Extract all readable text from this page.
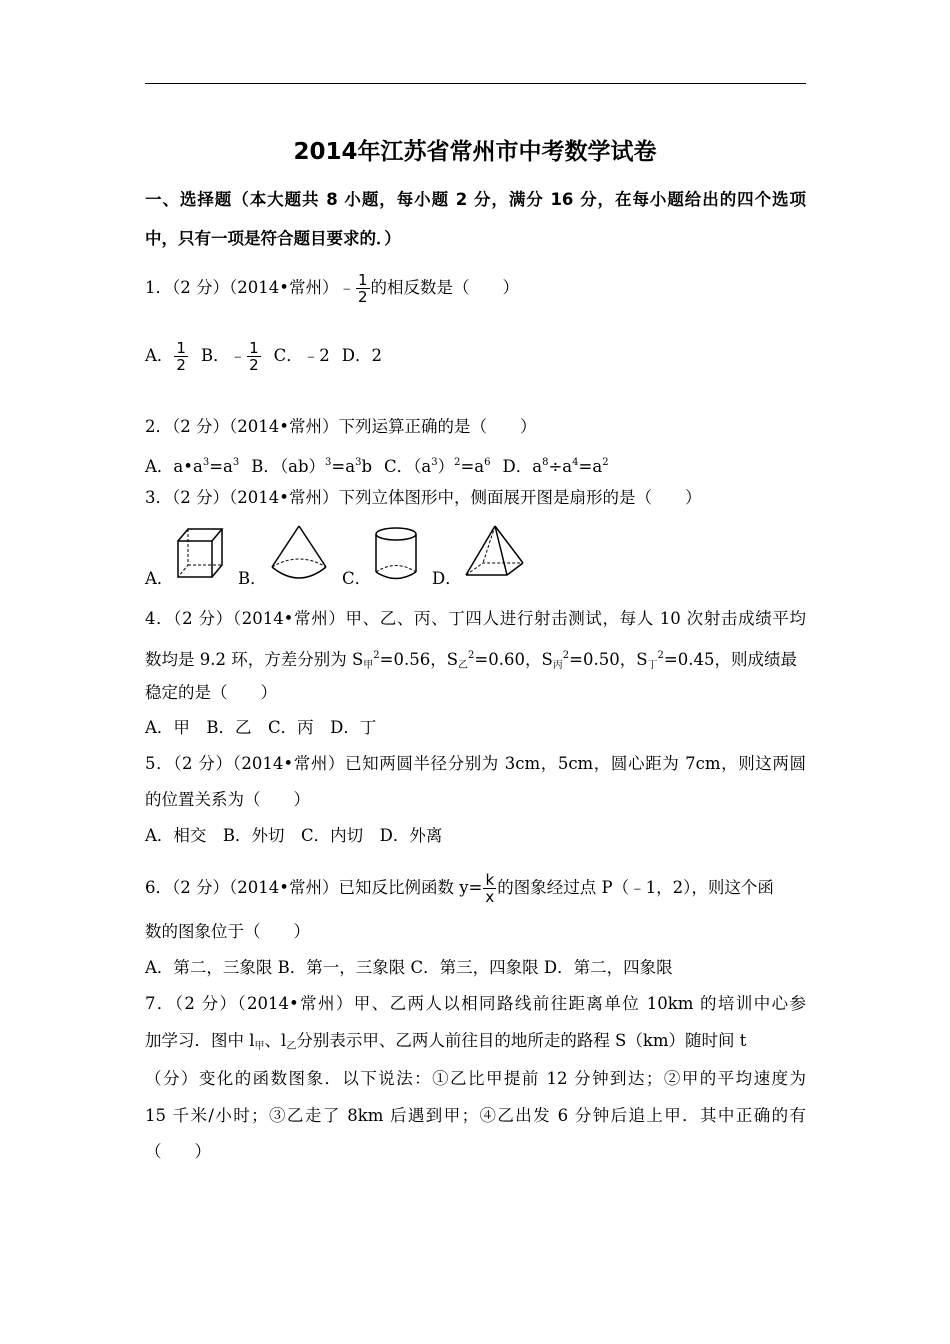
2014年江苏省常州市中考数学试卷
一、选择题（本大题共 8 小题，每小题 2 分，满分 16 分，在每小题给出的四个选项
中，只有一项是符合题目要求的．）
1．（2 分）（2014•常州）﹣ $\frac{1}{2}$ 的相反数是（　　）
A． $\frac{1}{2}$ B．﹣ $\frac{1}{2}$ C．﹣2 D．2
2．（2 分）（2014•常州）下列运算正确的是（　　）
A．$a•a^3=a^3$ B．$(ab)^3=a^3b$ C．$(a^3)^2=a^6$ D．$a^8\div a^4=a^2$
3．（2 分）（2014•常州）下列立体图形中，侧面展开图是扇形的是（　　）
A．	B．	C．	D．
4．（2 分）（2014•常州）甲、乙、丙、丁四人进行射击测试，每人 10 次射击成绩平均
数均是 9.2 环，方差分别为 $S_甲^2=0.56$，$S_乙^2=0.60$，$S_丙^2=0.50$，$S_丁^2=0.45$，则成绩最
稳定的是（　　）
A．甲　B．乙　C．丙　D．丁
5．（2 分）（2014•常州）已知两圆半径分别为 3cm，5cm，圆心距为 7cm，则这两圆
的位置关系为（　　）
A．相交　B．外切　C．内切　D．外离
6．（2 分）（2014•常州）已知反比例函数 $y= \frac{k}{x}$ 的图象经过点 P（﹣1，2），则这个函
数的图象位于（　　）
A．第二，三象限 B．第一，三象限 C．第三，四象限 D．第二，四象限
7．（2 分）（2014•常州）甲、乙两人以相同路线前往距离单位 10km 的培训中心参
加学习．图中 $l_甲$、$l_乙$分别表示甲、乙两人前往目的地所走的路程 S（km）随时间 t
（分）变化的函数图象．以下说法：①乙比甲提前 12 分钟到达；②甲的平均速度为
15 千米/小时；③乙走了 8km 后遇到甲；④乙出发 6 分钟后追上甲．其中正确的有
（　　）
